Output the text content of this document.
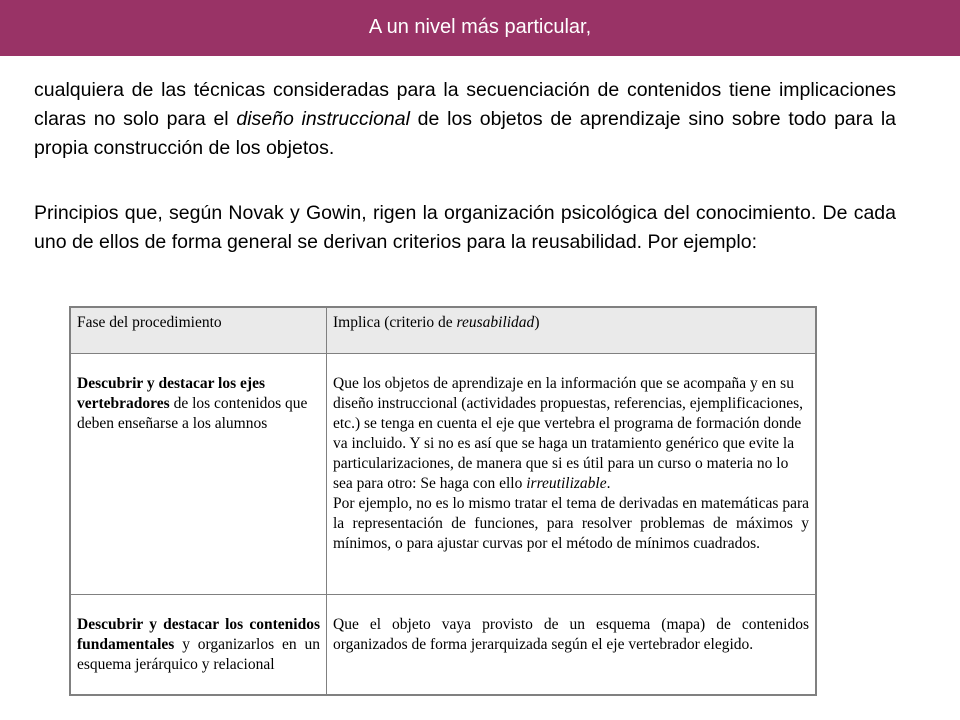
A un nivel más particular,

cualquiera de las técnicas consideradas para la secuenciación de contenidos tiene implicaciones claras no solo para el diseño instruccional de los objetos de aprendizaje sino sobre todo para la propia construcción de los objetos.

Principios que, según Novak y Gowin, rigen la organización psicológica del conocimiento. De cada uno de ellos de forma general se derivan criterios para la reusabilidad. Por ejemplo:

Fase del procedimiento	Implica (criterio de reusabilidad)
Descubrir y destacar los ejes vertebradores de los contenidos que deben enseñarse a los alumnos	Que los objetos de aprendizaje en la información que se acompaña y en su diseño instruccional (actividades propuestas, referencias, ejemplificaciones, etc.) se tenga en cuenta el eje que vertebra el programa de formación donde va incluido. Y si no es así que se haga un tratamiento genérico que evite la particularizaciones, de manera que si es útil para un curso o materia no lo sea para otro: Se haga con ello irreutilizable.
Por ejemplo, no es lo mismo tratar el tema de derivadas en matemáticas para la representación de funciones, para resolver problemas de máximos y mínimos, o para ajustar curvas por el método de mínimos cuadrados.

Descubrir y destacar los contenidos fundamentales y organizarlos en un esquema jerárquico y relacional	Que el objeto vaya provisto de un esquema (mapa) de contenidos organizados de forma jerarquizada según el eje vertebrador elegido.
